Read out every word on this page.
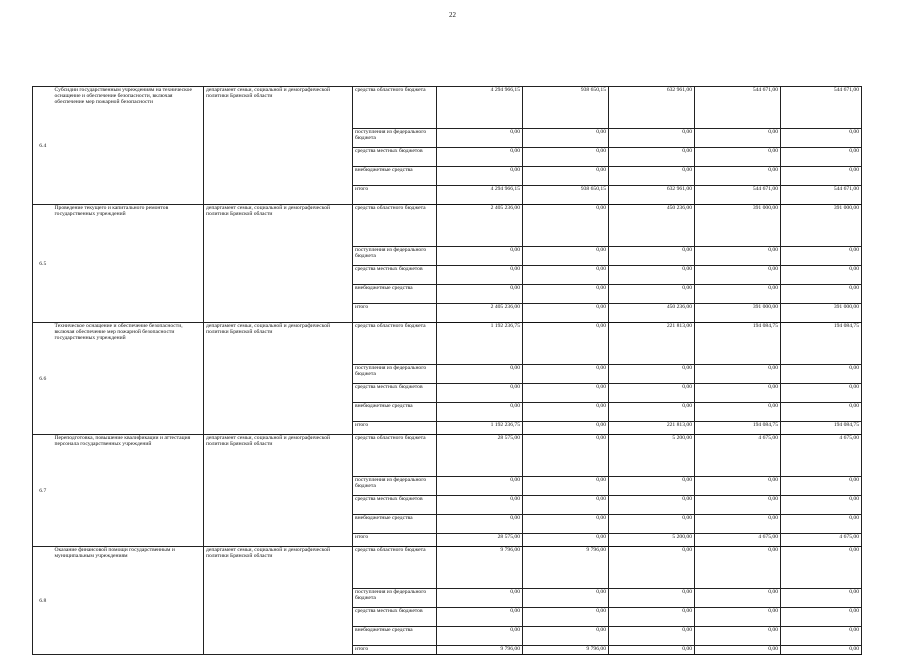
22
6.4	Субсидии государственным учреждениям на техническое оснащение и обеспечение безопасности, включая обеспечение мер пожарной безопасности	департамент семьи, социальной и демографической политики Брянской области	средства областного бюджета	4 294 966,15	938 650,15	632 961,00	544 671,00	544 671,00	
			поступления из федерального бюджета	0,00	0,00	0,00	0,00	0,00	
			средства местных бюджетов	0,00	0,00	0,00	0,00	0,00	
			внебюджетные средства	0,00	0,00	0,00	0,00	0,00	
			итого	4 294 966,15	938 650,15	632 961,00	544 671,00	544 671,00	
6.5	Проведение текущего и капитального ремонтов государственных учреждений	департамент семьи, социальной и демографической политики Брянской области	средства областного бюджета	2 405 236,00	0,00	450 236,00	391 000,00	391 000,00	
			поступления из федерального бюджета	0,00	0,00	0,00	0,00	0,00	
			средства местных бюджетов	0,00	0,00	0,00	0,00	0,00	
			внебюджетные средства	0,00	0,00	0,00	0,00	0,00	
			итого	2 405 236,00	0,00	450 236,00	391 000,00	391 000,00	
6.6	Техническое оснащение и обеспечение безопасности, включая обеспечение мер пожарной безопасности государственных учреждений	департамент семьи, социальной и демографической политики Брянской области	средства областного бюджета	1 192 236,75	0,00	221 813,00	194 084,75	194 084,75	
			поступления из федерального бюджета	0,00	0,00	0,00	0,00	0,00	
			средства местных бюджетов	0,00	0,00	0,00	0,00	0,00	
			внебюджетные средства	0,00	0,00	0,00	0,00	0,00	
			итого	1 192 236,75	0,00	221 813,00	194 084,75	194 084,75	
6.7	Переподготовка, повышение квалификации и аттестация персонала государственных учреждений	департамент семьи, социальной и демографической политики Брянской области	средства областного бюджета	28 575,00	0,00	5 200,00	4 675,00	4 675,00	
			поступления из федерального бюджета	0,00	0,00	0,00	0,00	0,00	
			средства местных бюджетов	0,00	0,00	0,00	0,00	0,00	
			внебюджетные средства	0,00	0,00	0,00	0,00	0,00	
			итого	28 575,00	0,00	5 200,00	4 675,00	4 675,00	
6.8	Оказание финансовой помощи государственным и муниципальным учреждениям	департамент семьи, социальной и демографической политики Брянской области	средства областного бюджета	9 796,00	9 796,00	0,00	0,00	0,00	
			поступления из федерального бюджета	0,00	0,00	0,00	0,00	0,00	
			средства местных бюджетов	0,00	0,00	0,00	0,00	0,00	
			внебюджетные средства	0,00	0,00	0,00	0,00	0,00	
			итого	9 796,00	9 796,00	0,00	0,00	0,00	
